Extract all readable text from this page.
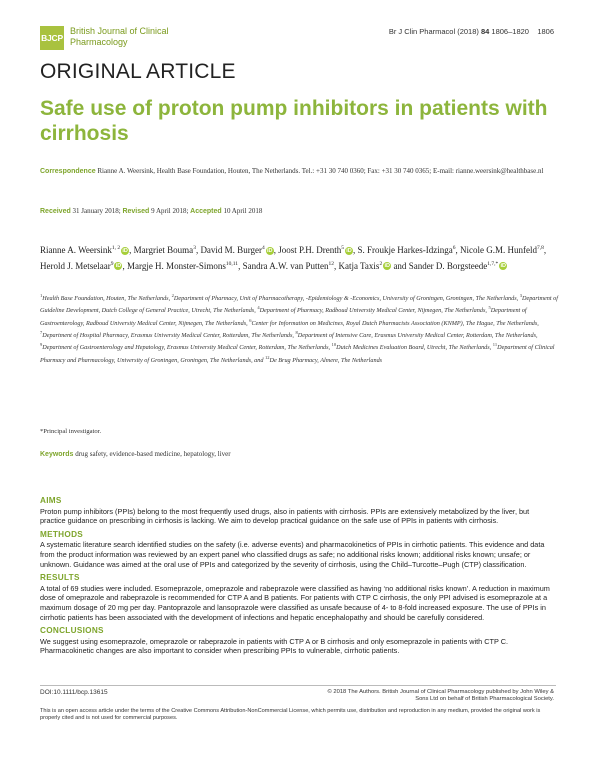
BJCP
British Journal of Clinical Pharmacology
Br J Clin Pharmacol (2018) 84 1806–1820 1806
ORIGINAL ARTICLE
Safe use of proton pump inhibitors in patients with cirrhosis
Correspondence Rianne A. Weersink, Health Base Foundation, Houten, The Netherlands. Tel.: +31 30 740 0360; Fax: +31 30 740 0365; E-mail: rianne.weersink@healthbase.nl
Received 31 January 2018; Revised 9 April 2018; Accepted 10 April 2018
Rianne A. Weersink$^{1, 2}$ iD, Margriet Bouma$^3$, David M. Burger$^4$ iD, Joost P.H. Drenth$^5$ iD, S. Froukje Harkes-Idzinga$^6$, Nicole G.M. Hunfeld$^{7,8}$, Herold J. Metselaar$^9$ iD, Margje H. Monster-Simons$^{10,11}$, Sandra A.W. van Putten$^{12}$, Katja Taxis$^2$ iD and Sander D. Borgsteede$^{1,7,*}$ iD
$^1$Health Base Foundation, Houten, The Netherlands, $^2$Department of Pharmacy, Unit of Pharmacotherapy, -Epidemiology & -Economics, University of Groningen, Groningen, The Netherlands, $^3$Department of Guideline Development, Dutch College of General Practice, Utrecht, The Netherlands, $^4$Department of Pharmacy, Radboud University Medical Center, Nijmegen, The Netherlands, $^5$Department of Gastroenterology, Radboud University Medical Center, Nijmegen, The Netherlands, $^6$Center for Information on Medicines, Royal Dutch Pharmacists Association (KNMP), The Hague, The Netherlands, $^7$Department of Hospital Pharmacy, Erasmus University Medical Center, Rotterdam, The Netherlands, $^8$Department of Intensive Care, Erasmus University Medical Center, Rotterdam, The Netherlands, $^9$Department of Gastroenterology and Hepatology, Erasmus University Medical Center, Rotterdam, The Netherlands, $^{10}$Dutch Medicines Evaluation Board, Utrecht, The Netherlands, $^{11}$Department of Clinical Pharmacy and Pharmacology, University of Groningen, Groningen, The Netherlands, and $^{12}$De Brug Pharmacy, Almere, The Netherlands
*Principal investigator.
Keywords drug safety, evidence-based medicine, hepatology, liver
AIMS
Proton pump inhibitors (PPIs) belong to the most frequently used drugs, also in patients with cirrhosis. PPIs are extensively metabolized by the liver, but practice guidance on prescribing in cirrhosis is lacking. We aim to develop practical guidance on the safe use of PPIs in patients with cirrhosis.
METHODS
A systematic literature search identified studies on the safety (i.e. adverse events) and pharmacokinetics of PPIs in cirrhotic patients. This evidence and data from the product information was reviewed by an expert panel who classified drugs as safe; no additional risks known; additional risks known; unsafe; or unknown. Guidance was aimed at the oral use of PPIs and categorized by the severity of cirrhosis, using the Child–Turcotte–Pugh (CTP) classification.
RESULTS
A total of 69 studies were included. Esomeprazole, omeprazole and rabeprazole were classified as having ‘no additional risks known’. A reduction in maximum dose of omeprazole and rabeprazole is recommended for CTP A and B patients. For patients with CTP C cirrhosis, the only PPI advised is esomeprazole at a maximum dosage of 20 mg per day. Pantoprazole and lansoprazole were classified as unsafe because of 4- to 8-fold increased exposure. The use of PPIs in cirrhotic patients has been associated with the development of infections and hepatic encephalopathy and should be carefully considered.
CONCLUSIONS
We suggest using esomeprazole, omeprazole or rabeprazole in patients with CTP A or B cirrhosis and only esomeprazole in patients with CTP C. Pharmacokinetic changes are also important to consider when prescribing PPIs to vulnerable, cirrhotic patients.
DOI:10.1111/bcp.13615	© 2018 The Authors. British Journal of Clinical Pharmacology published by John Wiley & Sons Ltd on behalf of British Pharmacological Society.
This is an open access article under the terms of the Creative Commons Attribution-NonCommercial License, which permits use, distribution and reproduction in any medium, provided the original work is properly cited and is not used for commercial purposes.
